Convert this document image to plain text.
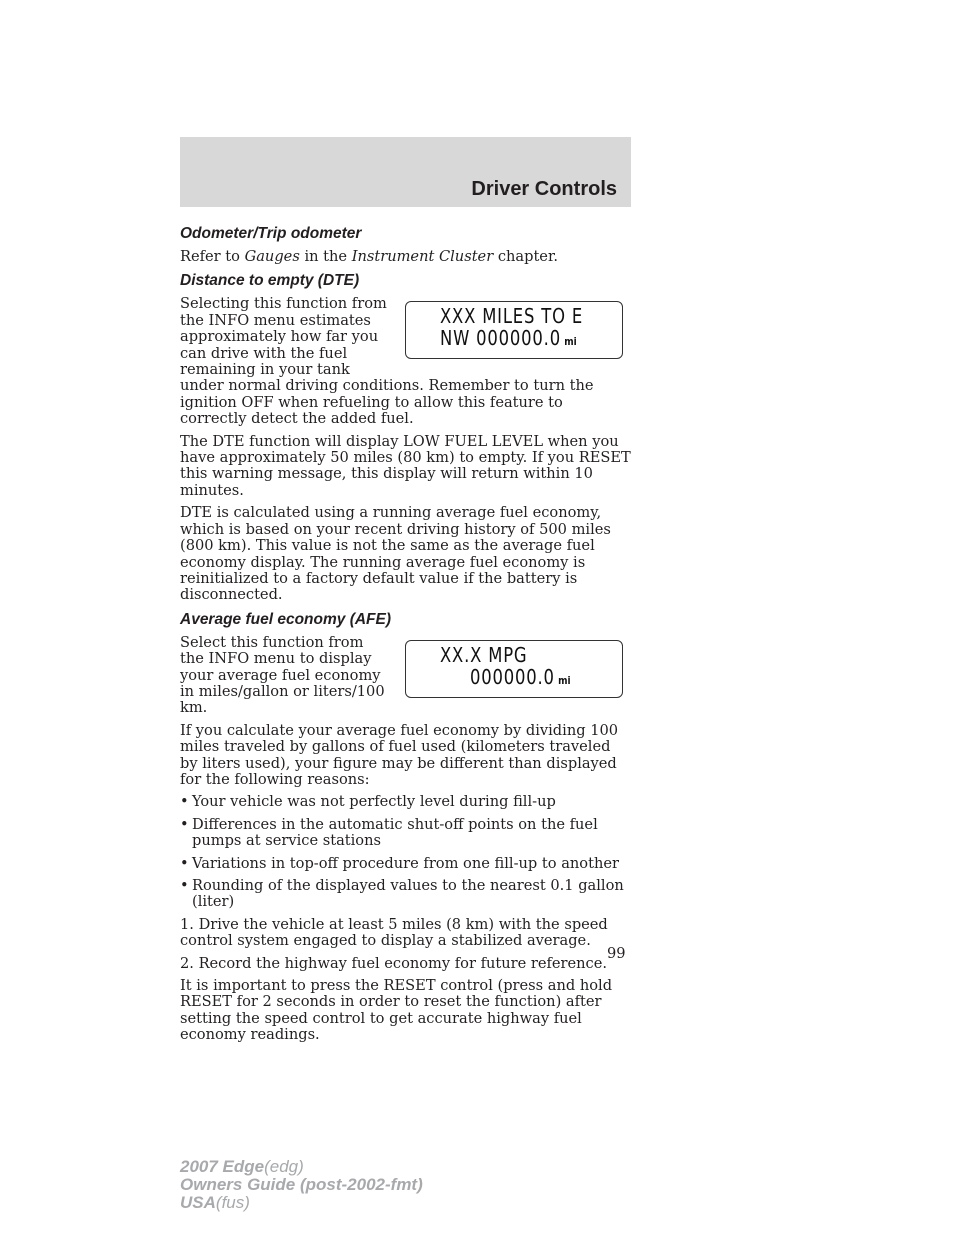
Driver Controls
Odometer/Trip odometer

Refer to Gauges in the Instrument Cluster chapter.

Distance to empty (DTE)
XXX MILES TO E
NW 000000.0 mi

Selecting this function from the INFO menu estimates approximately how far you can drive with the fuel remaining in your tank under normal driving conditions. Remember to turn the ignition OFF when refueling to allow this feature to correctly detect the added fuel.

The DTE function will display LOW FUEL LEVEL when you have approximately 50 miles (80 km) to empty. If you RESET this warning message, this display will return within 10 minutes.

DTE is calculated using a running average fuel economy, which is based on your recent driving history of 500 miles (800 km). This value is not the same as the average fuel economy display. The running average fuel economy is reinitialized to a factory default value if the battery is disconnected.

Average fuel economy (AFE)
XX.X MPG
000000.0 mi

Select this function from the INFO menu to display your average fuel economy in miles/gallon or liters/100 km.

If you calculate your average fuel economy by dividing 100 miles traveled by gallons of fuel used (kilometers traveled by liters used), your figure may be different than displayed for the following reasons:

• Your vehicle was not perfectly level during fill-up
• Differences in the automatic shut-off points on the fuel pumps at service stations
• Variations in top-off procedure from one fill-up to another
• Rounding of the displayed values to the nearest 0.1 gallon (liter)

1. Drive the vehicle at least 5 miles (8 km) with the speed control system engaged to display a stabilized average.

2. Record the highway fuel economy for future reference.

It is important to press the RESET control (press and hold RESET for 2 seconds in order to reset the function) after setting the speed control to get accurate highway fuel economy readings.

99
2007 Edge(edg)
Owners Guide (post-2002-fmt)
USA(fus)
